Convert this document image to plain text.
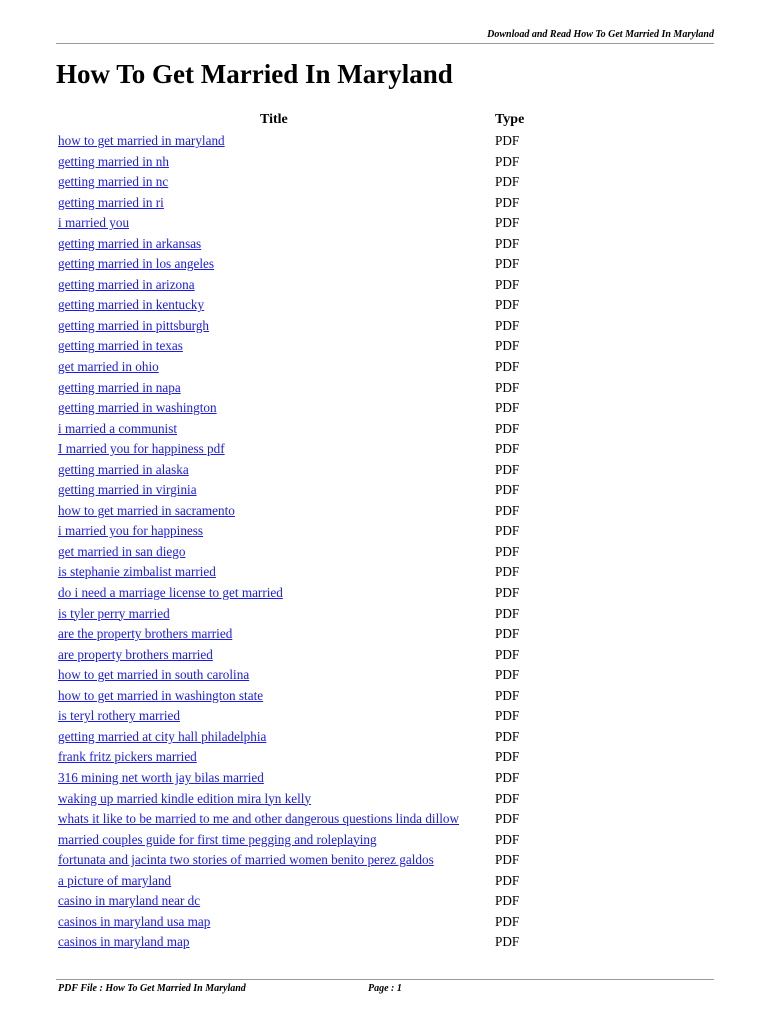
Download and Read How To Get Married In Maryland
How To Get Married In Maryland
Title	Type
how to get married in maryland	PDF
getting married in nh	PDF
getting married in nc	PDF
getting married in ri	PDF
i married you	PDF
getting married in arkansas	PDF
getting married in los angeles	PDF
getting married in arizona	PDF
getting married in kentucky	PDF
getting married in pittsburgh	PDF
getting married in texas	PDF
get married in ohio	PDF
getting married in napa	PDF
getting married in washington	PDF
i married a communist	PDF
I married you for happiness pdf	PDF
getting married in alaska	PDF
getting married in virginia	PDF
how to get married in sacramento	PDF
i married you for happiness	PDF
get married in san diego	PDF
is stephanie zimbalist married	PDF
do i need a marriage license to get married	PDF
is tyler perry married	PDF
are the property brothers married	PDF
are property brothers married	PDF
how to get married in south carolina	PDF
how to get married in washington state	PDF
is teryl rothery married	PDF
getting married at city hall philadelphia	PDF
frank fritz pickers married	PDF
316 mining net worth jay bilas married	PDF
waking up married kindle edition mira lyn kelly	PDF
whats it like to be married to me and other dangerous questions linda dillow	PDF
married couples guide for first time pegging and roleplaying	PDF
fortunata and jacinta two stories of married women benito perez galdos	PDF
a picture of maryland	PDF
casino in maryland near dc	PDF
casinos in maryland usa map	PDF
casinos in maryland map	PDF
PDF File : How To Get Married In Maryland	Page : 1
